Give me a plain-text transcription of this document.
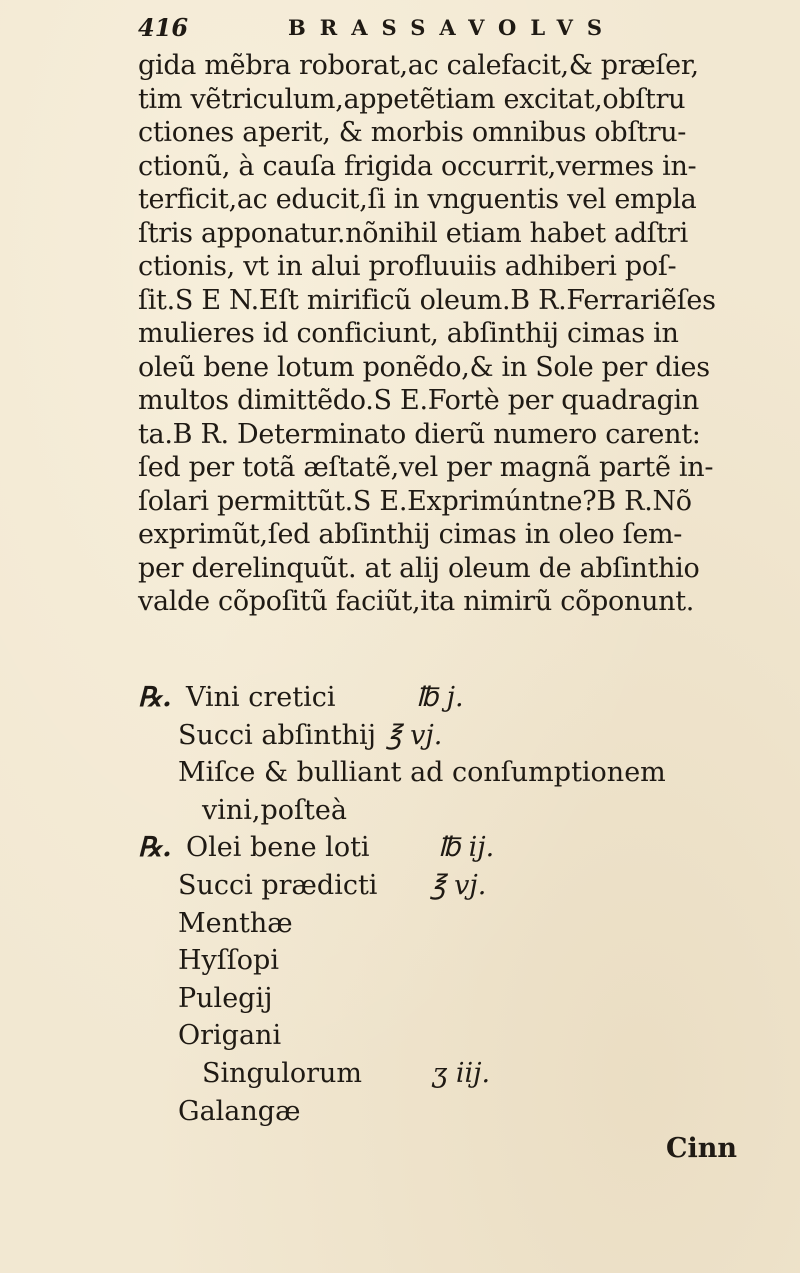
416	BRASSAVOLVS
gida mẽbra roborat,ac calefacit,& præſer,
tim vẽtriculum,appetẽtiam excitat,obſtru
ctiones aperit, & morbis omnibus obſtru-
ctionũ, à cauſa frigida occurrit,vermes in-
terficit,ac educit,ſi in vnguentis vel empla
ſtris apponatur.nõnihil etiam habet adſtri
ctionis, vt in alui profluuiis adhiberi poſ-
ſit.S E N.Eſt mirificũ oleum.B R.Ferrariẽſes
mulieres id conficiunt, abſinthij cimas in
oleũ bene lotum ponẽdo,& in Sole per dies
multos dimittẽdo.S E.Fortè per quadragin
ta.B R. Determinato dierũ numero carent:
ſed per totã æſtatẽ,vel per magnã partẽ in-
ſolari permittũt.S E.Exprimúntne?B R.Nõ
exprimũt,ſed abſinthij cimas in oleo ſem-
per derelinquũt. at alij oleum de abſinthio
valde cõpoſitũ faciũt,ita nimirũ cõponunt.
℞. Vini cretici	℔ j.
Succi abſinthij ℥ vj.
Miſce & bulliant ad conſumptionem
vini,poſteà
℞. Olei bene loti	℔ ij.
Succi prædicti ℥ vj.
Menthæ
Hyſſopi
Pulegij
Origani
Singulorum	ʒ iij.
Galangæ
Cinn
